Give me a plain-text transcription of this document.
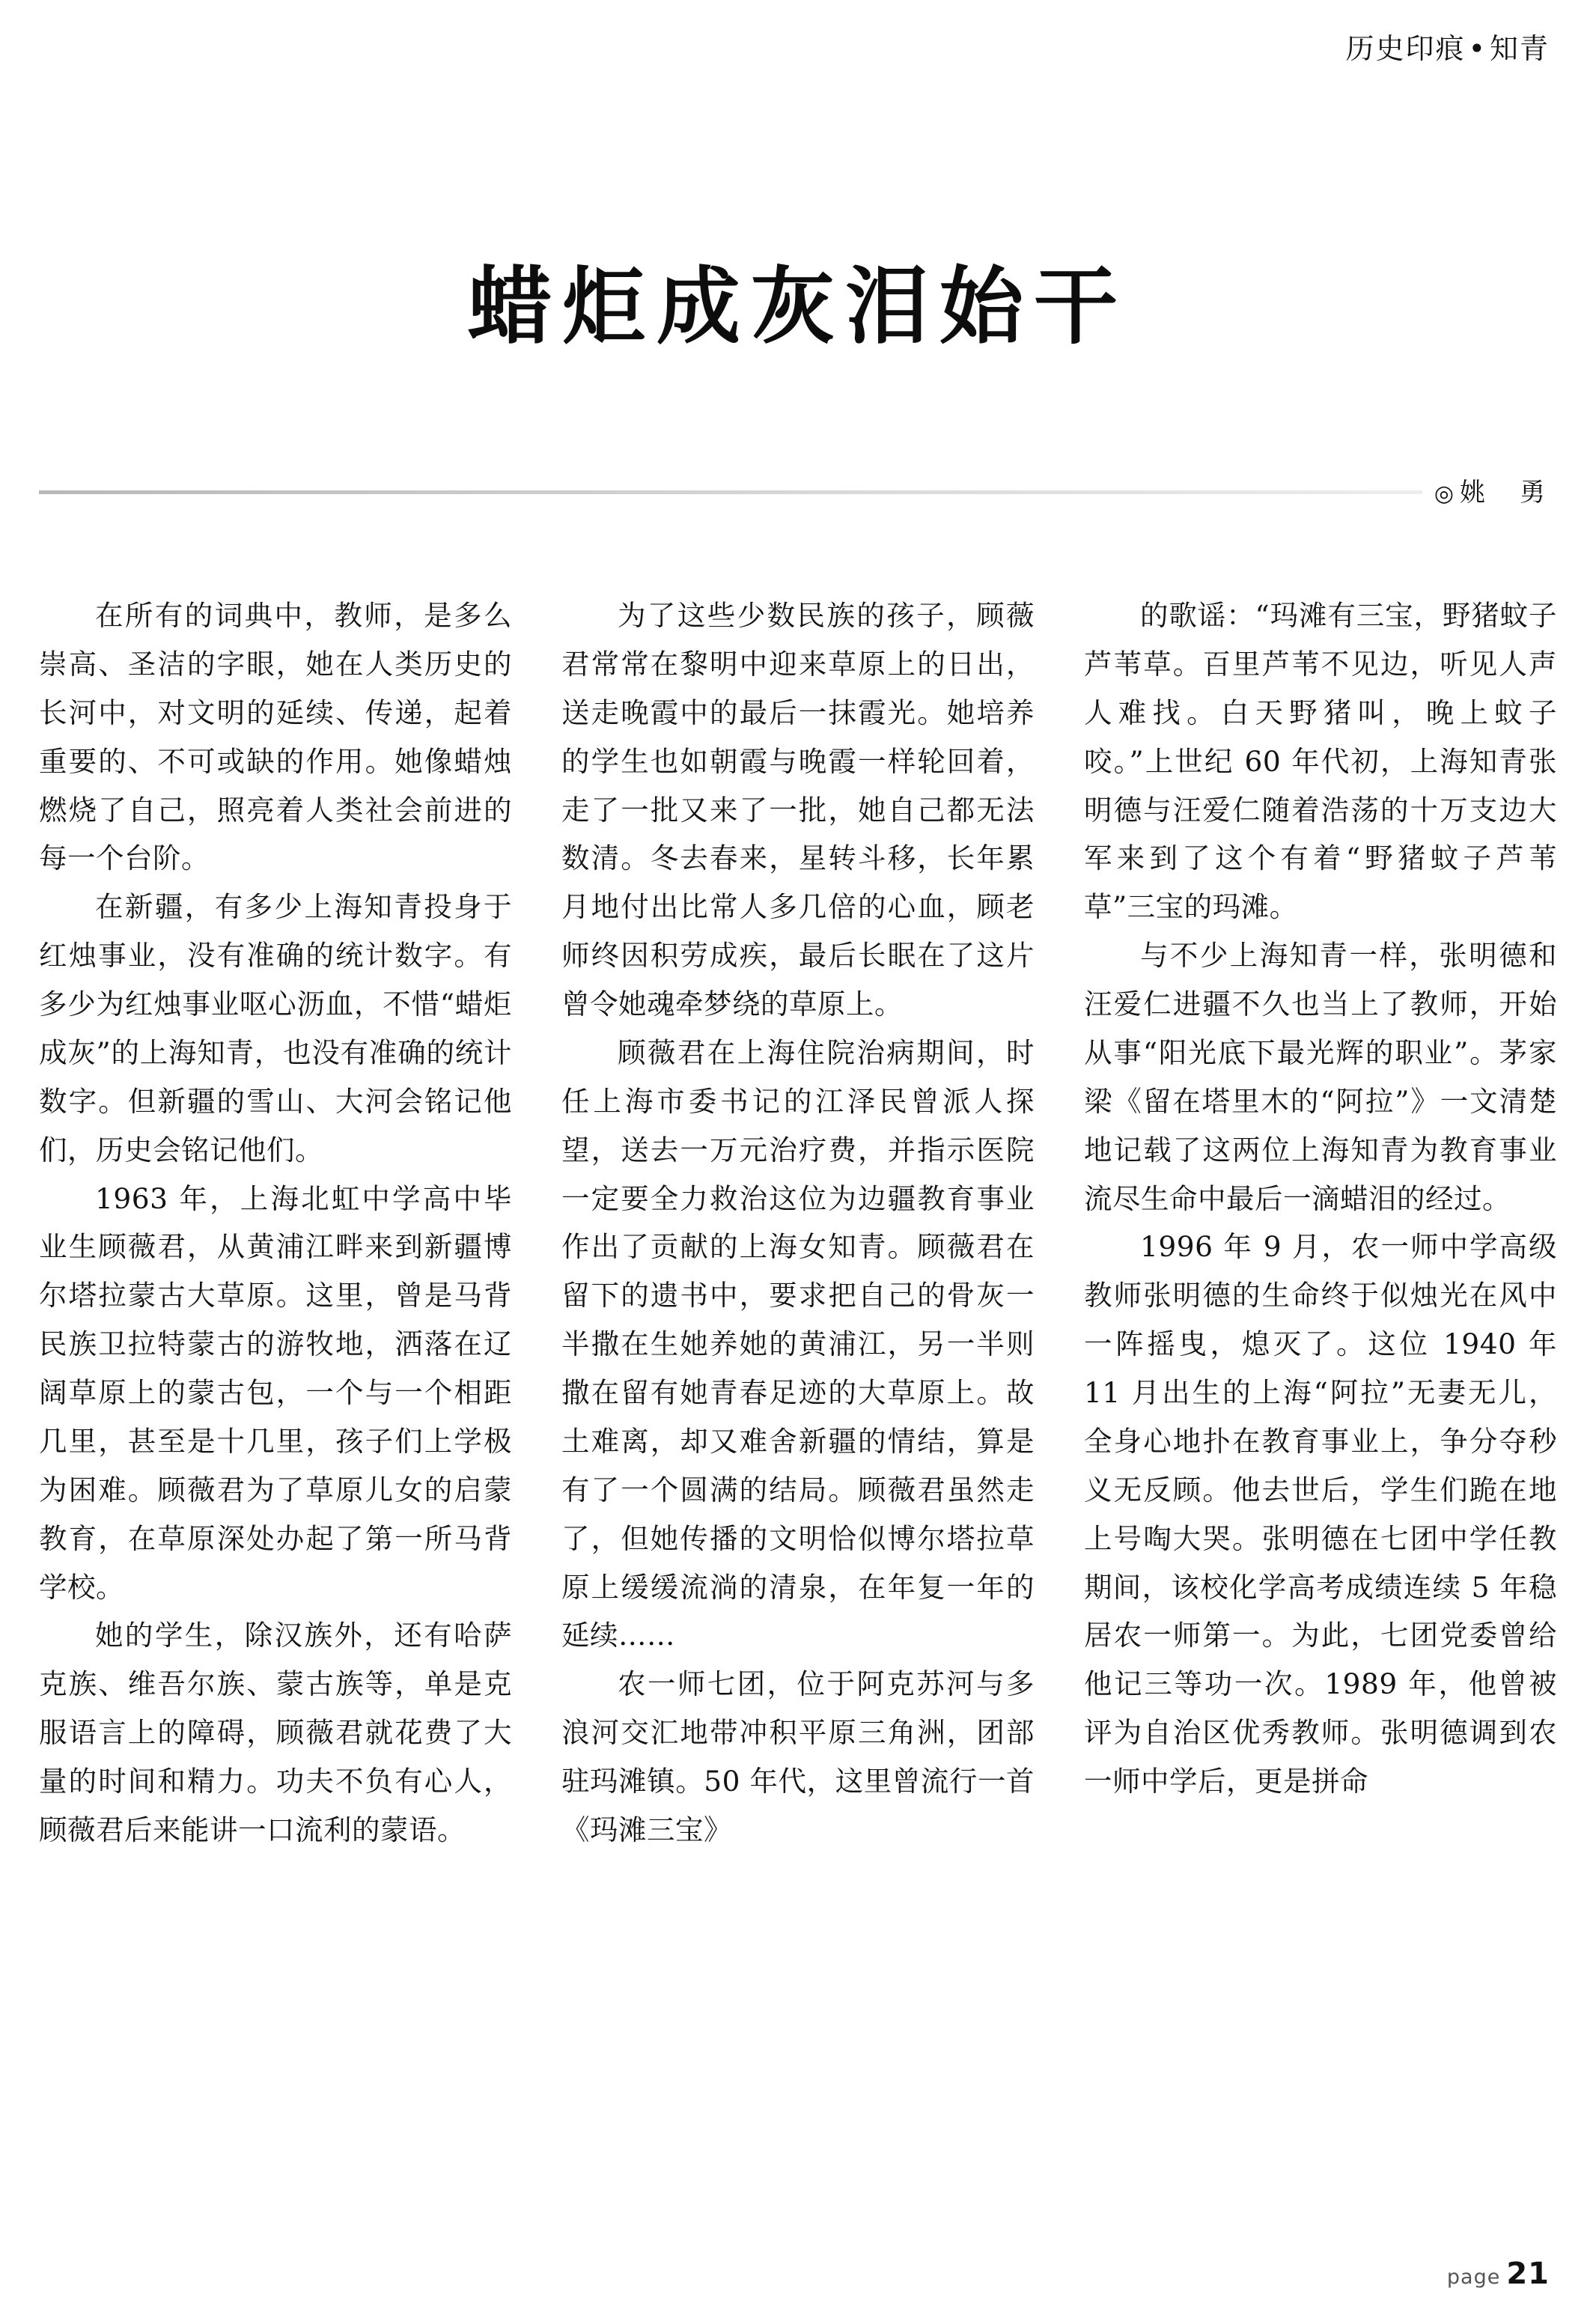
历史印痕 • 知青
蜡炬成灰泪始干
◎姚　勇

在所有的词典中，教师，是多么崇高、圣洁的字眼，她在人类历史的长河中，对文明的延续、传递，起着重要的、不可或缺的作用。她像蜡烛燃烧了自己，照亮着人类社会前进的每一个台阶。

在新疆，有多少上海知青投身于红烛事业，没有准确的统计数字。有多少为红烛事业呕心沥血，不惜“蜡炬成灰”的上海知青，也没有准确的统计数字。但新疆的雪山、大河会铭记他们，历史会铭记他们。

1963 年，上海北虹中学高中毕业生顾薇君，从黄浦江畔来到新疆博尔塔拉蒙古大草原。这里，曾是马背民族卫拉特蒙古的游牧地，洒落在辽阔草原上的蒙古包，一个与一个相距几里，甚至是十几里，孩子们上学极为困难。顾薇君为了草原儿女的启蒙教育，在草原深处办起了第一所马背学校。

她的学生，除汉族外，还有哈萨克族、维吾尔族、蒙古族等，单是克服语言上的障碍，顾薇君就花费了大量的时间和精力。功夫不负有心人，顾薇君后来能讲一口流利的蒙语。

为了这些少数民族的孩子，顾薇君常常在黎明中迎来草原上的日出，送走晚霞中的最后一抹霞光。她培养的学生也如朝霞与晚霞一样轮回着，走了一批又来了一批，她自己都无法数清。冬去春来，星转斗移，长年累月地付出比常人多几倍的心血，顾老师终因积劳成疾，最后长眠在了这片曾令她魂牵梦绕的草原上。

顾薇君在上海住院治病期间，时任上海市委书记的江泽民曾派人探望，送去一万元治疗费，并指示医院一定要全力救治这位为边疆教育事业作出了贡献的上海女知青。顾薇君在留下的遗书中，要求把自己的骨灰一半撒在生她养她的黄浦江，另一半则撒在留有她青春足迹的大草原上。故土难离，却又难舍新疆的情结，算是有了一个圆满的结局。顾薇君虽然走了，但她传播的文明恰似博尔塔拉草原上缓缓流淌的清泉，在年复一年的延续……

农一师七团，位于阿克苏河与多浪河交汇地带冲积平原三角洲，团部驻玛滩镇。50 年代，这里曾流行一首《玛滩三宝》

的歌谣：“玛滩有三宝，野猪蚊子芦苇草。百里芦苇不见边，听见人声人难找。白天野猪叫，晚上蚊子咬。”上世纪 60 年代初，上海知青张明德与汪爱仁随着浩荡的十万支边大军来到了这个有着“野猪蚊子芦苇草”三宝的玛滩。

与不少上海知青一样，张明德和汪爱仁进疆不久也当上了教师，开始从事“阳光底下最光辉的职业”。茅家梁《留在塔里木的“阿拉”》一文清楚地记载了这两位上海知青为教育事业流尽生命中最后一滴蜡泪的经过。

1996 年 9 月，农一师中学高级教师张明德的生命终于似烛光在风中一阵摇曳，熄灭了。这位 1940 年 11 月出生的上海“阿拉”无妻无儿，全身心地扑在教育事业上，争分夺秒义无反顾。他去世后，学生们跪在地上号啕大哭。张明德在七团中学任教期间，该校化学高考成绩连续 5 年稳居农一师第一。为此，七团党委曾给他记三等功一次。1989 年，他曾被评为自治区优秀教师。张明德调到农一师中学后，更是拼命

page 21
